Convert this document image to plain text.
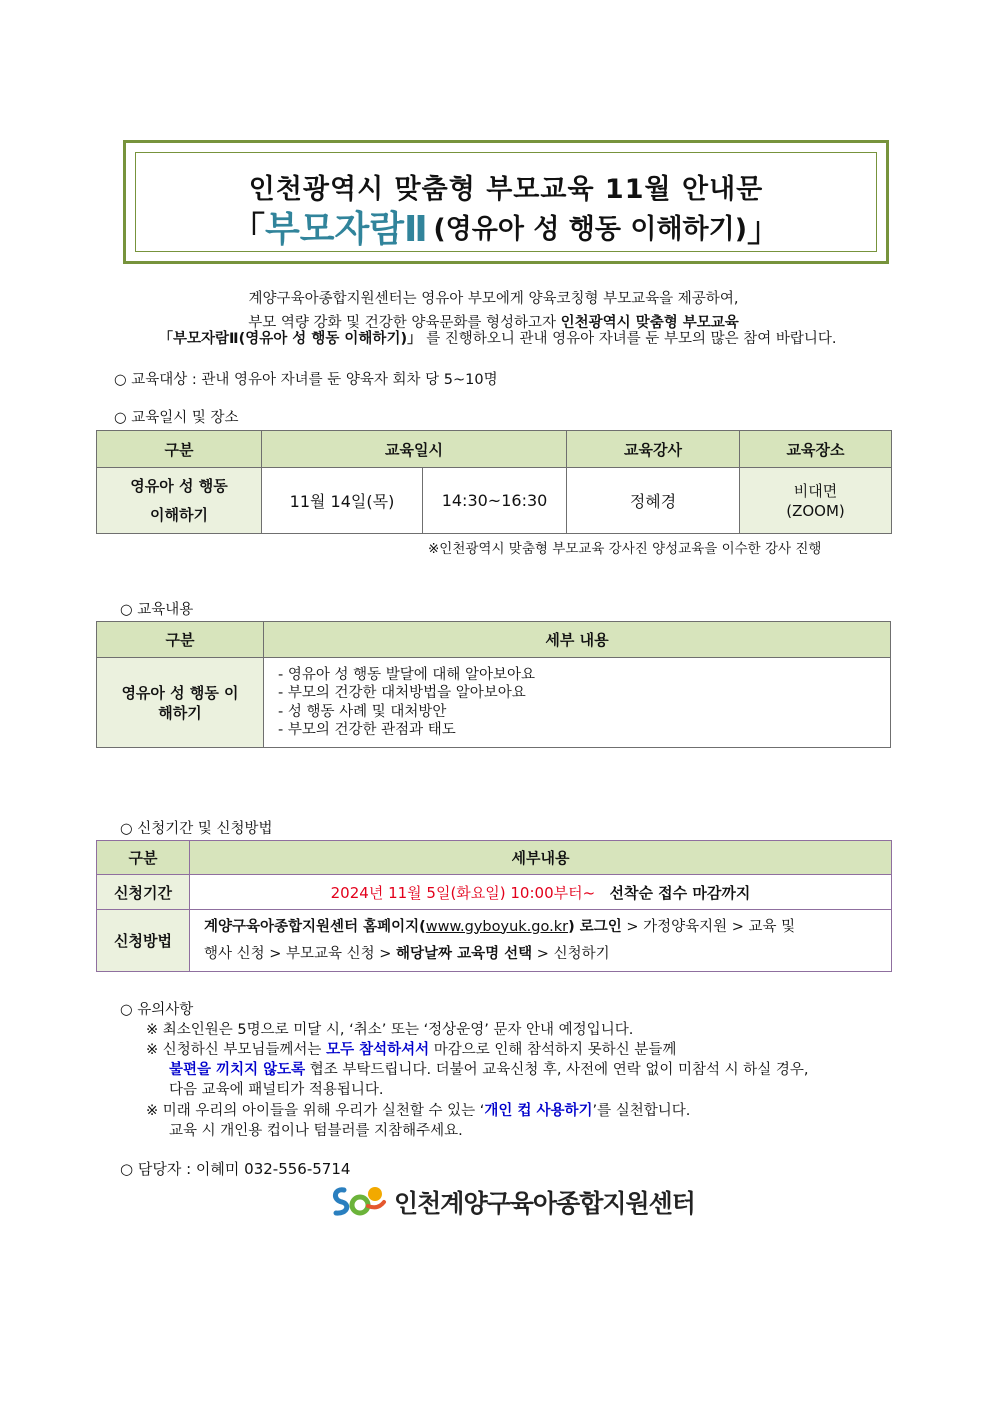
인천광역시 맞춤형 부모교육 11월 안내문
「부모자람Ⅱ (영유아 성 행동 이해하기)」
계양구육아종합지원센터는 영유아 부모에게 양육코칭형 부모교육을 제공하여,
부모 역량 강화 및 건강한 양육문화를 형성하고자 인천광역시 맞춤형 부모교육
「부모자람Ⅱ(영유아 성 행동 이해하기)」 를 진행하오니 관내 영유아 자녀를 둔 부모의 많은 참여 바랍니다.
○ 교육대상 : 관내 영유아 자녀를 둔 양육자 회차 당 5~10명
○ 교육일시 및 장소
구분	교육일시		교육강사	교육장소
영유아 성 행동 이해하기	11월 14일(목)	14:30~16:30	정혜경	비대면
(ZOOM)
※인천광역시 맞춤형 부모교육 강사진 양성교육을 이수한 강사 진행
○ 교육내용
구분	세부 내용
영유아 성 행동 이해하기	- 영유아 성 행동 발달에 대해 알아보아요
- 부모의 건강한 대처방법을 알아보아요
- 성 행동 사례 및 대처방안
- 부모의 건강한 관점과 태도
○ 신청기간 및 신청방법
구분	세부내용
신청기간	2024년 11월 5일(화요일) 10:00부터~ 선착순 접수 마감까지
신청방법	계양구육아종합지원센터 홈페이지(www.gyboyuk.go.kr) 로그인 > 가정양육지원 > 교육 및
행사 신청 > 부모교육 신청 > 해당날짜 교육명 선택 > 신청하기
○ 유의사항
※ 최소인원은 5명으로 미달 시, ‘취소’ 또는 ‘정상운영’ 문자 안내 예정입니다.
※ 신청하신 부모님들께서는 모두 참석하셔서 마감으로 인해 참석하지 못하신 분들께
불편을 끼치지 않도록 협조 부탁드립니다. 더불어 교육신청 후, 사전에 연락 없이 미참석 시 하실 경우,
다음 교육에 패널티가 적용됩니다.
※ 미래 우리의 아이들을 위해 우리가 실천할 수 있는 ‘개인 컵 사용하기’를 실천합니다.
교육 시 개인용 컵이나 텀블러를 지참해주세요.
○ 담당자 : 이혜미 032-556-5714
인천계양구육아종합지원센터
